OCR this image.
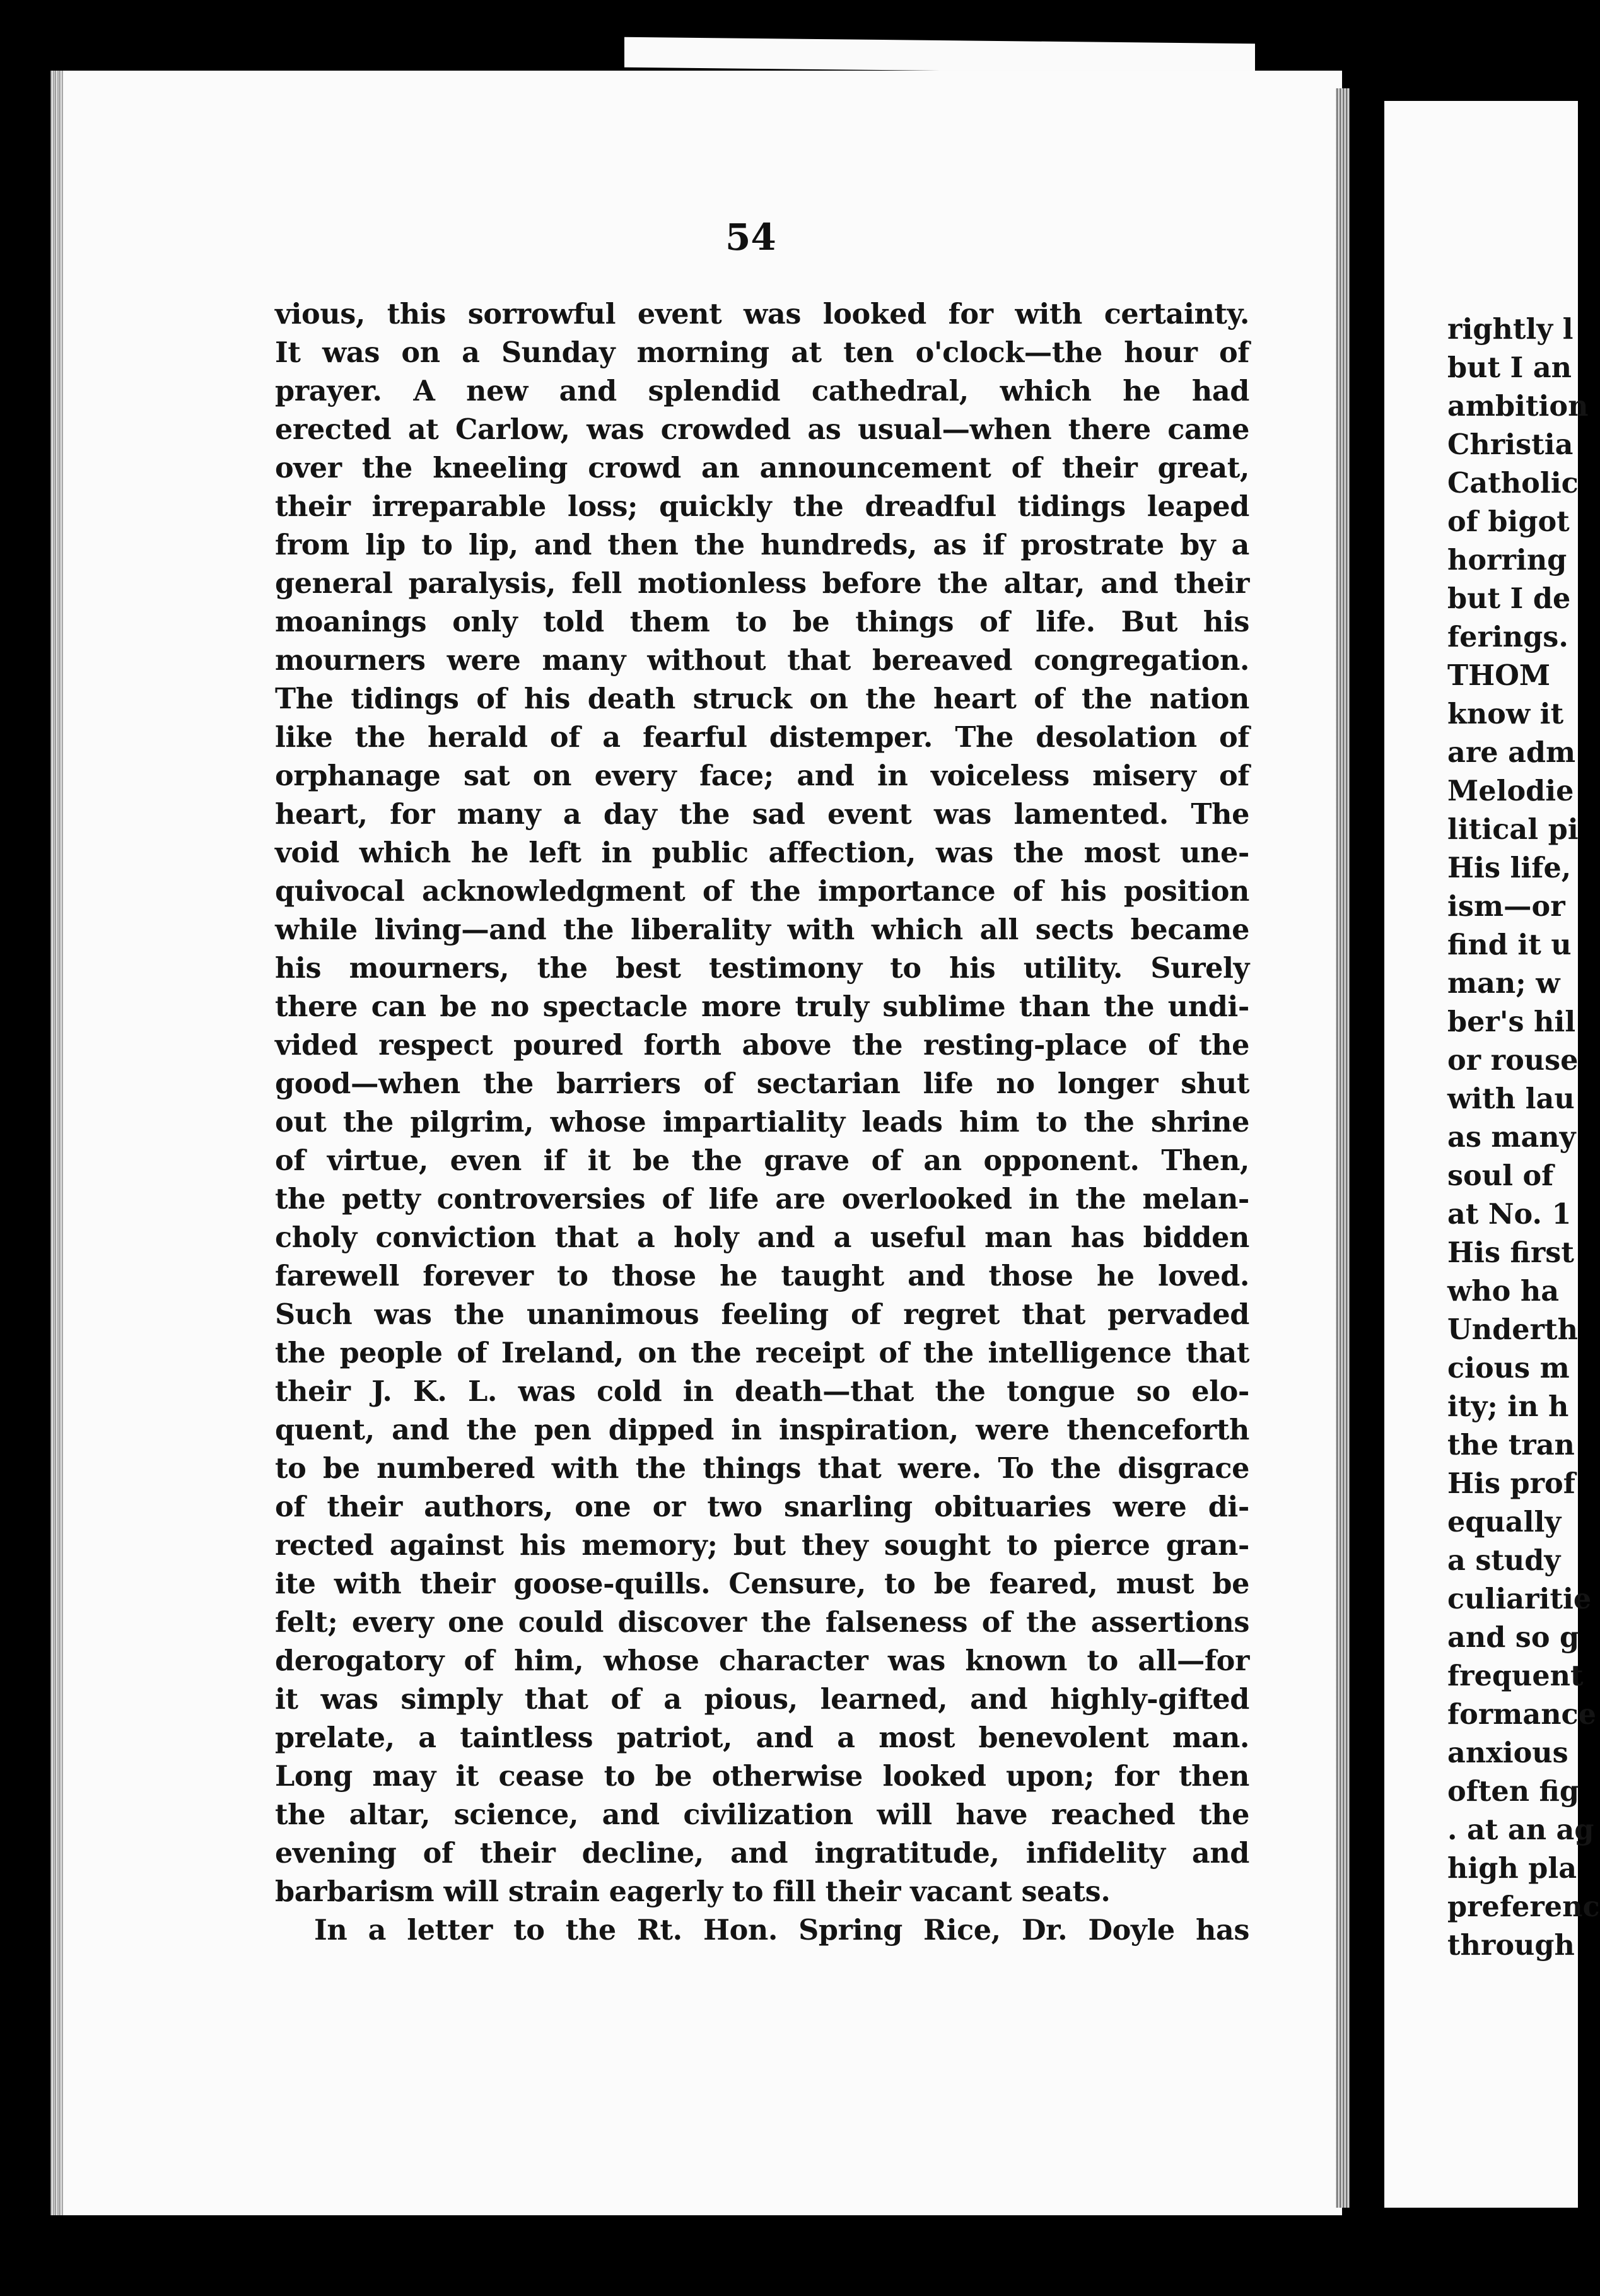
54
vious, this sorrowful event was looked for with certainty.
It was on a Sunday morning at ten o'clock—the hour of
prayer. A new and splendid cathedral, which he had
erected at Carlow, was crowded as usual—when there came
over the kneeling crowd an announcement of their great,
their irreparable loss; quickly the dreadful tidings leaped
from lip to lip, and then the hundreds, as if prostrate by a
general paralysis, fell motionless before the altar, and their
moanings only told them to be things of life. But his
mourners were many without that bereaved congregation.
The tidings of his death struck on the heart of the nation
like the herald of a fearful distemper. The desolation of
orphanage sat on every face; and in voiceless misery of
heart, for many a day the sad event was lamented. The
void which he left in public affection, was the most une-
quivocal acknowledgment of the importance of his position
while living—and the liberality with which all sects became
his mourners, the best testimony to his utility. Surely
there can be no spectacle more truly sublime than the undi-
vided respect poured forth above the resting-place of the
good—when the barriers of sectarian life no longer shut
out the pilgrim, whose impartiality leads him to the shrine
of virtue, even if it be the grave of an opponent. Then,
the petty controversies of life are overlooked in the melan-
choly conviction that a holy and a useful man has bidden
farewell forever to those he taught and those he loved.
Such was the unanimous feeling of regret that pervaded
the people of Ireland, on the receipt of the intelligence that
their J. K. L. was cold in death—that the tongue so elo-
quent, and the pen dipped in inspiration, were thenceforth
to be numbered with the things that were. To the disgrace
of their authors, one or two snarling obituaries were di-
rected against his memory; but they sought to pierce gran-
ite with their goose-quills. Censure, to be feared, must be
felt; every one could discover the falseness of the assertions
derogatory of him, whose character was known to all—for
it was simply that of a pious, learned, and highly-gifted
prelate, a taintless patriot, and a most benevolent man.
Long may it cease to be otherwise looked upon; for then
the altar, science, and civilization will have reached the
evening of their decline, and ingratitude, infidelity and
barbarism will strain eagerly to fill their vacant seats.
In a letter to the Rt. Hon. Spring Rice, Dr. Doyle has
rightly l
but I an
ambition
Christia
Catholic
of bigot
horring
but I de
ferings.
THOM
know it
are adm
Melodie
litical pi
His life,
ism—or
find it u
man; w
ber's hil
or rouse
with lau
as many
soul of
at No. 1
His first
who ha
Underth
cious m
ity; in h
the tran
His prof
equally
a study
culiaritie
and so g
frequent
formance
anxious
often fig
. at an ag
high pla
preferenc
through
